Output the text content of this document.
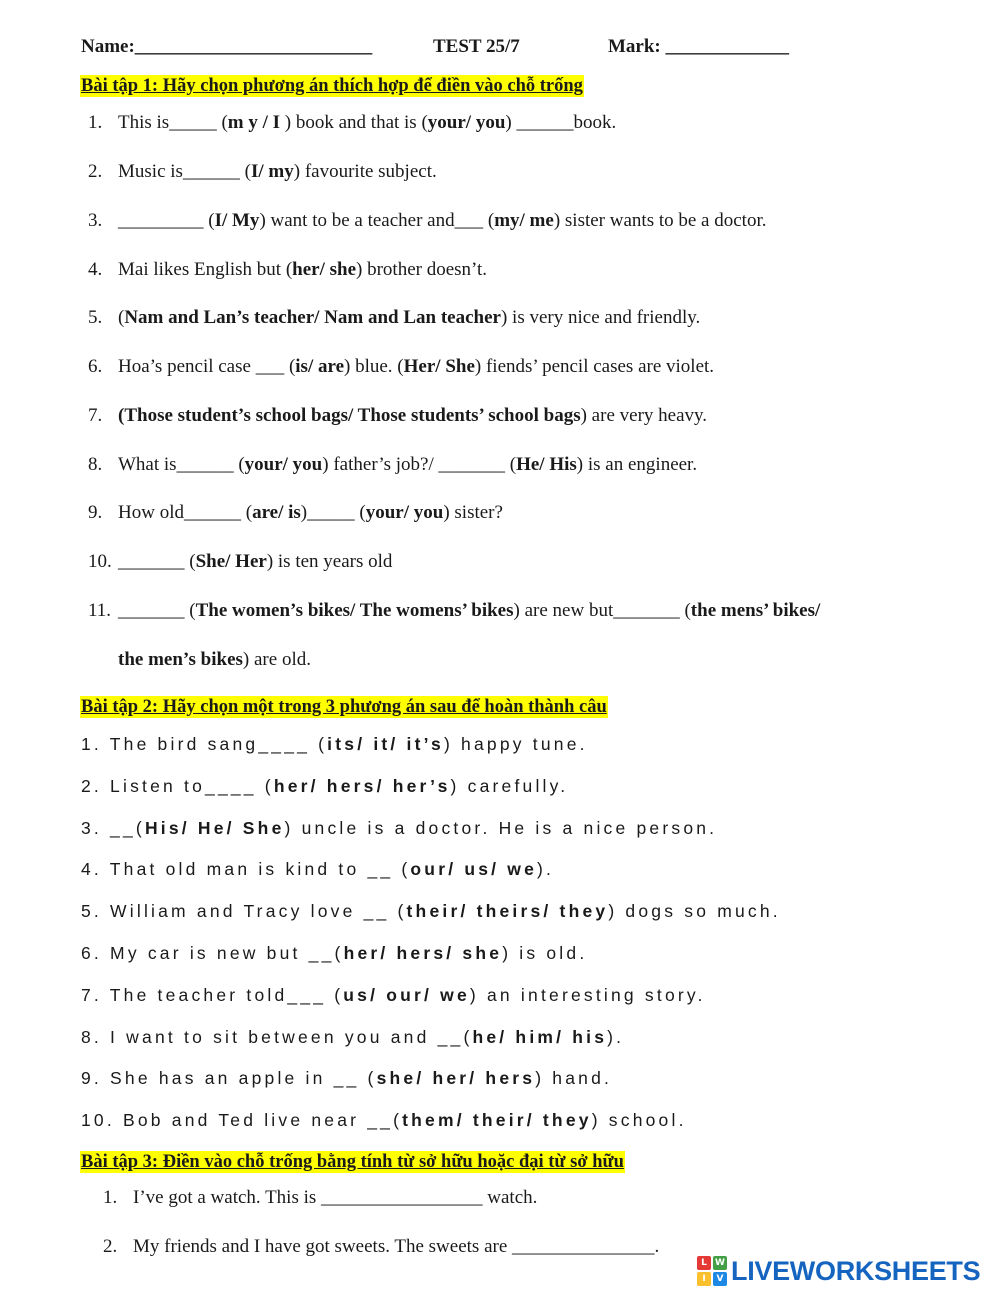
Name:_________________________	TEST 25/7	Mark: _____________
Bài tập 1: Hãy chọn phương án thích hợp để điền vào chỗ trống
1. This is_____ (m y / I ) book and that is (your/ you) ______book.
2. Music is______ (I/ my) favourite subject.
3. _________ (I/ My) want to be a teacher and___ (my/ me) sister wants to be a doctor.
4. Mai likes English but (her/ she) brother doesn’t.
5. (Nam and Lan’s teacher/ Nam and Lan teacher) is very nice and friendly.
6. Hoa’s pencil case ___ (is/ are) blue. (Her/ She) fiends’ pencil cases are violet.
7. (Those student’s school bags/ Those students’ school bags) are very heavy.
8. What is______ (your/ you) father’s job?/ _______ (He/ His) is an engineer.
9. How old______ (are/ is)_____ (your/ you) sister?
10. _______ (She/ Her) is ten years old
11. _______ (The women’s bikes/ The womens’ bikes) are new but_______ (the mens’ bikes/
the men’s bikes) are old.
Bài tập 2: Hãy chọn một trong 3 phương án sau để hoàn thành câu
1. The bird sang____ (its/ it/ it’s) happy tune.
2. Listen to____ (her/ hers/ her’s) carefully.
3. __(His/ He/ She) uncle is a doctor. He is a nice person.
4. That old man is kind to __ (our/ us/ we).
5. William and Tracy love __ (their/ theirs/ they) dogs so much.
6. My car is new but __(her/ hers/ she) is old.
7. The teacher told___ (us/ our/ we) an interesting story.
8. I want to sit between you and __(he/ him/ his).
9. She has an apple in __ (she/ her/ hers) hand.
10. Bob and Ted live near __(them/ their/ they) school.
Bài tập 3: Điền vào chỗ trống bằng tính từ sở hữu hoặc đại từ sở hữu
1. I’ve got a watch. This is _________________ watch.
2. My friends and I have got sweets. The sweets are _______________.
L W
I	V LIVEWORKSHEETS
